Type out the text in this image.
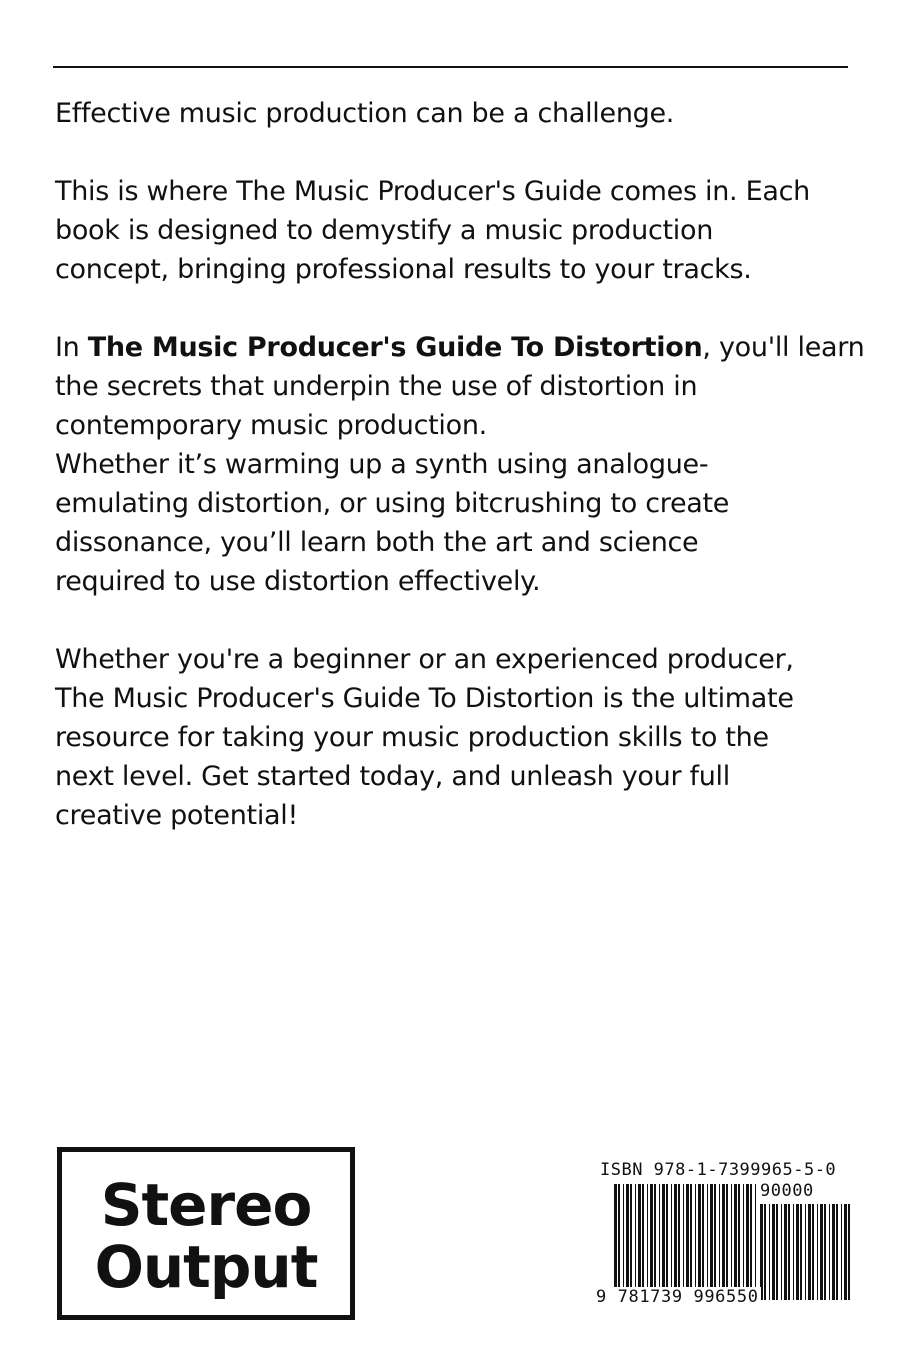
Effective music production can be a challenge.

This is where The Music Producer's Guide comes in. Each
book is designed to demystify a music production
concept, bringing professional results to your tracks.

In The Music Producer's Guide To Distortion, you'll learn
the secrets that underpin the use of distortion in
contemporary music production.
Whether it’s warming up a synth using analogue-
emulating distortion, or using bitcrushing to create
dissonance, you’ll learn both the art and science
required to use distortion effectively.

Whether you're a beginner or an experienced producer,
The Music Producer's Guide To Distortion is the ultimate
resource for taking your music production skills to the
next level. Get started today, and unleash your full
creative potential!

Stereo
Output
ISBN 978-1-7399965-5-0
90000
9 781739 996550
